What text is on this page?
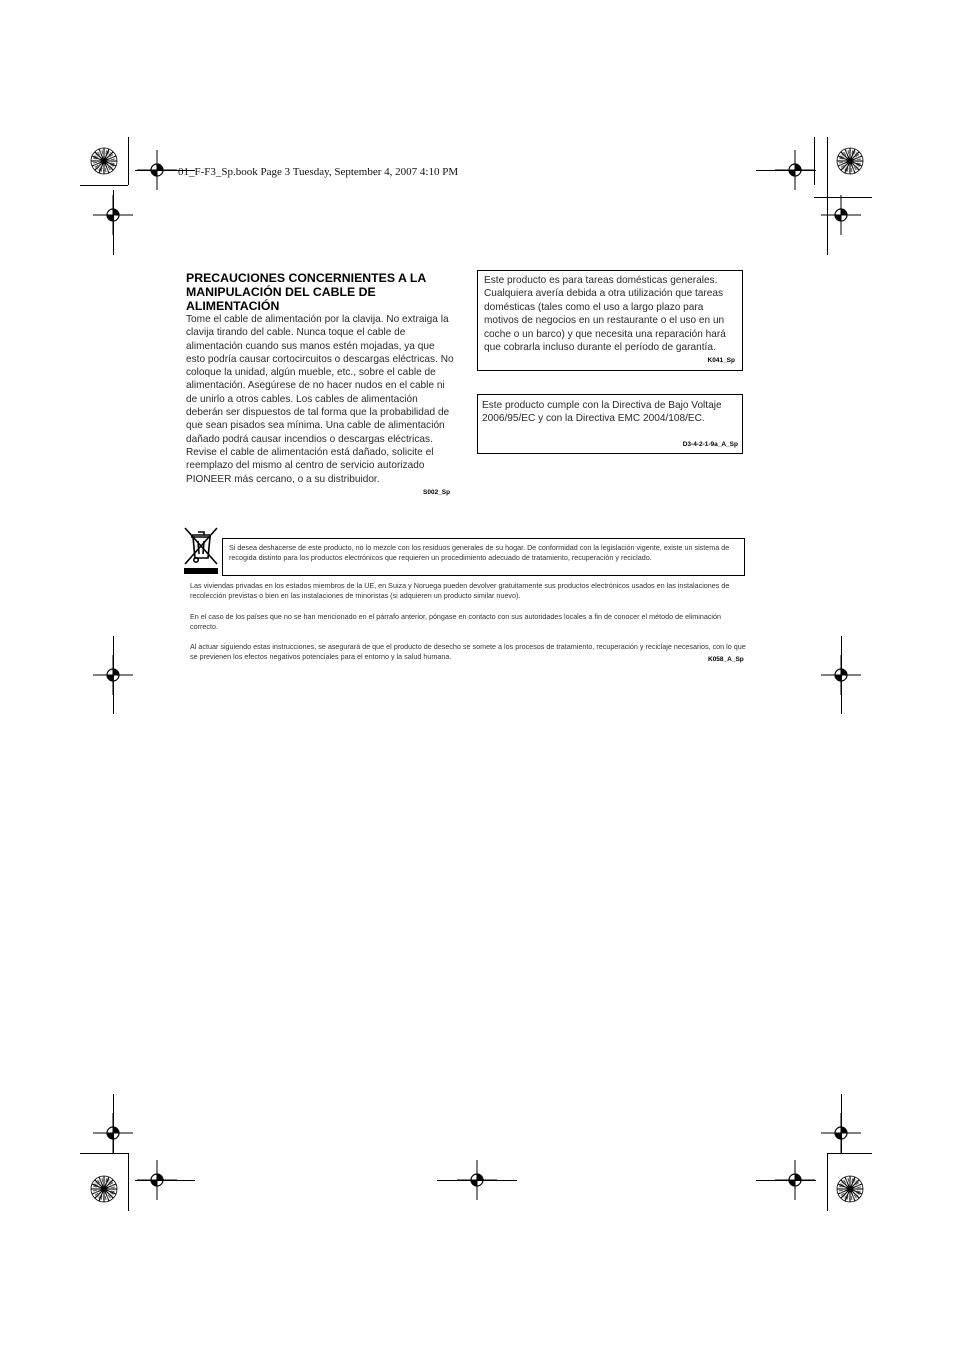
01_F-F3_Sp.book Page 3 Tuesday, September 4, 2007 4:10 PM
PRECAUCIONES CONCERNIENTES A LA MANIPULACIÓN DEL CABLE DE ALIMENTACIÓN
Tome el cable de alimentación por la clavija. No extraiga la clavija tirando del cable. Nunca toque el cable de alimentación cuando sus manos estén mojadas, ya que esto podría causar cortocircuitos o descargas eléctricas. No coloque la unidad, algún mueble, etc., sobre el cable de alimentación. Asegúrese de no hacer nudos en el cable ni de unirlo a otros cables. Los cables de alimentación deberán ser dispuestos de tal forma que la probabilidad de que sean pisados sea mínima. Una cable de alimentación dañado podrá causar incendios o descargas eléctricas. Revise el cable de alimentación está dañado, solicite el reemplazo del mismo al centro de servicio autorizado PIONEER más cercano, o a su distribuidor.
S002_Sp
Este producto es para tareas domésticas generales. Cualquiera avería debida a otra utilización que tareas domésticas (tales como el uso a largo plazo para motivos de negocios en un restaurante o el uso en un coche o un barco) y que necesita una reparación hará que cobrarla incluso durante el período de garantía.
K041_Sp
Este producto cumple con la Directiva de Bajo Voltaje 2006/95/EC y con la Directiva EMC 2004/108/EC.
D3-4-2-1-9a_A_Sp
Si desea deshacerse de este producto, no lo mezcle con los residuos generales de su hogar. De conformidad con la legislación vigente, existe un sistema de recogida distinto para los productos electrónicos que requieren un procedimiento adecuado de tratamiento, recuperación y reciclado.
Las viviendas privadas en los estados miembros de la UE, en Suiza y Noruega pueden devolver gratuitamente sus productos electrónicos usados en las instalaciones de recolección previstas o bien en las instalaciones de minoristas (si adquieren un producto similar nuevo).
En el caso de los países que no se han mencionado en el párrafo anterior, póngase en contacto con sus autoridades locales a fin de conocer el método de eliminación correcto.
Al actuar siguiendo estas instrucciones, se asegurará de que el producto de desecho se somete a los procesos de tratamiento, recuperación y reciclaje necesarios, con lo que se previenen los efectos negativos potenciales para el entorno y la salud humana.	K058_A_Sp
